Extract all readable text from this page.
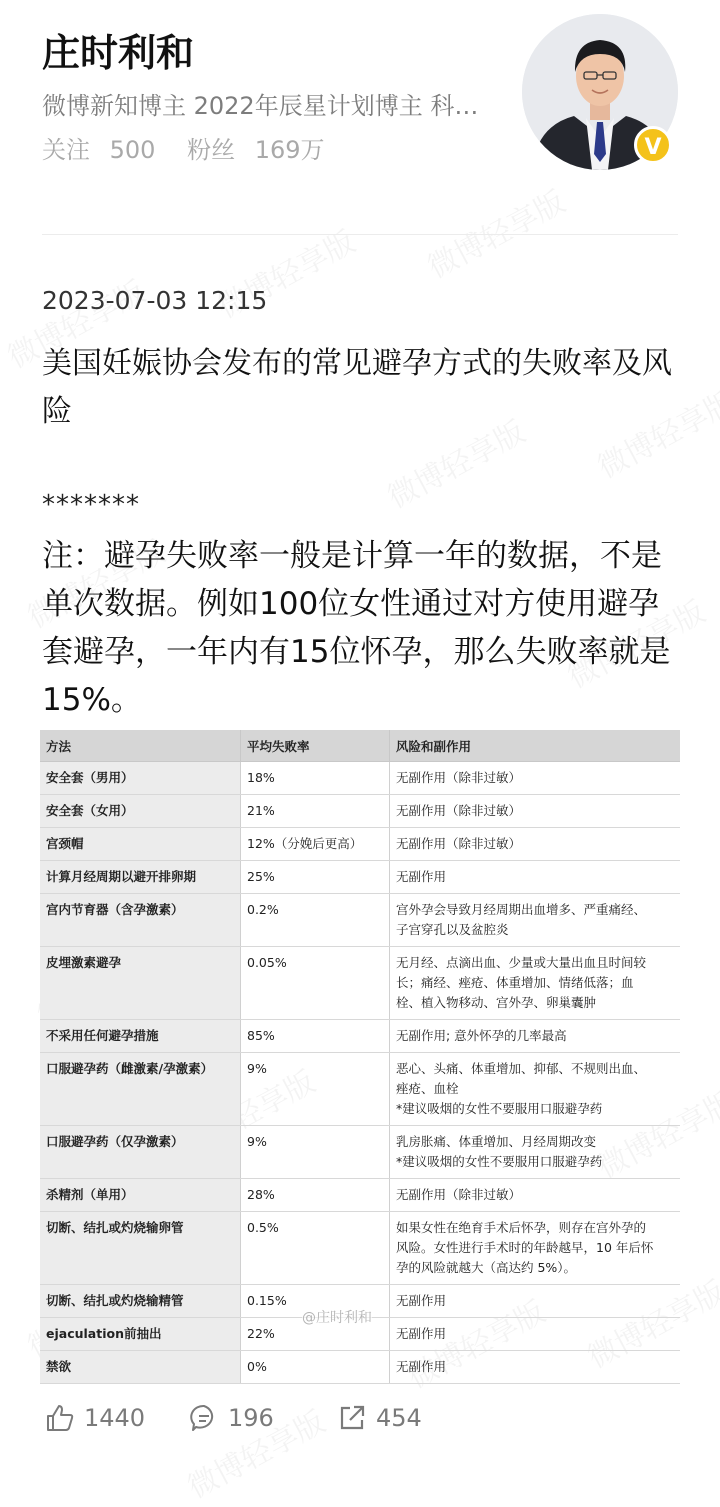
庄时利和
微博新知博主 2022年辰星计划博主 科…
关注 500 粉丝 169万	V
2023-07-03 12:15
美国妊娠协会发布的常见避孕方式的失败率及风险
*******
注：避孕失败率一般是计算一年的数据，不是单次数据。例如100位女性通过对方使用避孕套避孕，一年内有15位怀孕，那么失败率就是15%。
方法	平均失败率	风险和副作用
安全套（男用）	18%	无副作用（除非过敏）

安全套（女用）	21%	无副作用（除非过敏）

宫颈帽	12%（分娩后更高）	无副作用（除非过敏）

计算月经周期以避开排卵期	25%	无副作用

宫内节育器（含孕激素）	0.2%	宫外孕会导致月经周期出血增多、严重痛经、
子宫穿孔以及盆腔炎

皮埋激素避孕	0.05%	无月经、点滴出血、少量或大量出血且时间较
长；痛经、痤疮、体重增加、情绪低落；血
栓、植入物移动、宫外孕、卵巢囊肿

不采用任何避孕措施	85%	无副作用; 意外怀孕的几率最高

口服避孕药（雌激素/孕激素）	9%	恶心、头痛、体重增加、抑郁、不规则出血、
痤疮、血栓
*建议吸烟的女性不要服用口服避孕药

口服避孕药（仅孕激素）	9%	乳房胀痛、体重增加、月经周期改变
*建议吸烟的女性不要服用口服避孕药

杀精剂（单用）	28%	无副作用（除非过敏）

切断、结扎或灼烧输卵管	0.5%	如果女性在绝育手术后怀孕，则存在宫外孕的
风险。女性进行手术时的年龄越早，10 年后怀
孕的风险就越大（高达约 5%）。

切断、结扎或灼烧输精管	0.15%	无副作用

ejaculation前抽出	22%	无副作用

禁欲	0%	无副作用
@庄时利和
1440	196	454
